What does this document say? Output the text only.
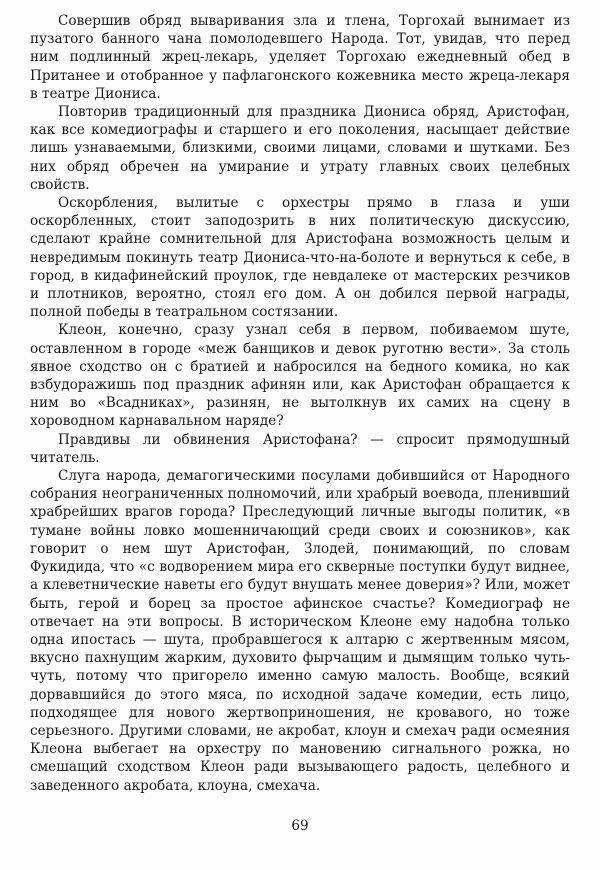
Совершив обряд вываривания зла и тлена, Торгохай вынимает из пузатого банного чана помолодевшего Народа. Тот, увидав, что перед ним подлинный жрец-лекарь, уделяет Торгохаю ежедневный обед в Пританее и отобранное у пафлагонского кожевника место жреца-лекаря в театре Диониса.

Повторив традиционный для праздника Диониса обряд, Аристофан, как все комедиографы и старшего и его поколения, насыщает действие лишь узнаваемыми, близкими, своими лицами, словами и шутками. Без них обряд обречен на умирание и утрату главных своих целебных свойств.

Оскорбления, вылитые с орхестры прямо в глаза и уши оскорбленных, стоит заподозрить в них политическую дискуссию, сделают крайне сомнительной для Аристофана возможность целым и невредимым покинуть театр Диониса-что-на-болоте и вернуться к себе, в город, в кидафинейский проулок, где невдалеке от мастерских резчиков и плотников, вероятно, стоял его дом. А он добился первой награды, полной победы в театральном состязании.

Клеон, конечно, сразу узнал себя в первом, побиваемом шуте, оставленном в городе «меж банщиков и девок руготню вести». За столь явное сходство он с братией и набросился на бедного комика, но как взбудоражишь под праздник афинян или, как Аристофан обращается к ним во «Всадниках», разинян, не вытолкнув их самих на сцену в хороводном карнавальном наряде?

Правдивы ли обвинения Аристофана? — спросит прямодушный читатель.

Слуга народа, демагогическими посулами добившийся от Народного собрания неограниченных полномочий, или храбрый воевода, пленивший храбрейших врагов города? Преследующий личные выгоды политик, «в тумане войны ловко мошенничающий среди своих и союзников», как говорит о нем шут Аристофан, Злодей, понимающий, по словам Фукидида, что «с водворением мира его скверные поступки будут виднее, а клеветнические наветы его будут внушать менее доверия»? Или, может быть, герой и борец за простое афинское счастье? Комедиограф не отвечает на эти вопросы. В историческом Клеоне ему надобна только одна ипостась — шута, пробравшегося к алтарю с жертвенным мясом, вкусно пахнущим жарким, духовито фырчащим и дымящим только чуть-чуть, потому что пригорело именно самую малость. Вообще, всякий дорвавшийся до этого мяса, по исходной задаче комедии, есть лицо, подходящее для нового жертвоприношения, не кровавого, но тоже серьезного. Другими словами, не акробат, клоун и смехач ради осмеяния Клеона выбегает на орхестру по мановению сигнального рожка, но смешащий сходством Клеон ради вызывающего радость, целебного и заведенного акробата, клоуна, смехача.

69
